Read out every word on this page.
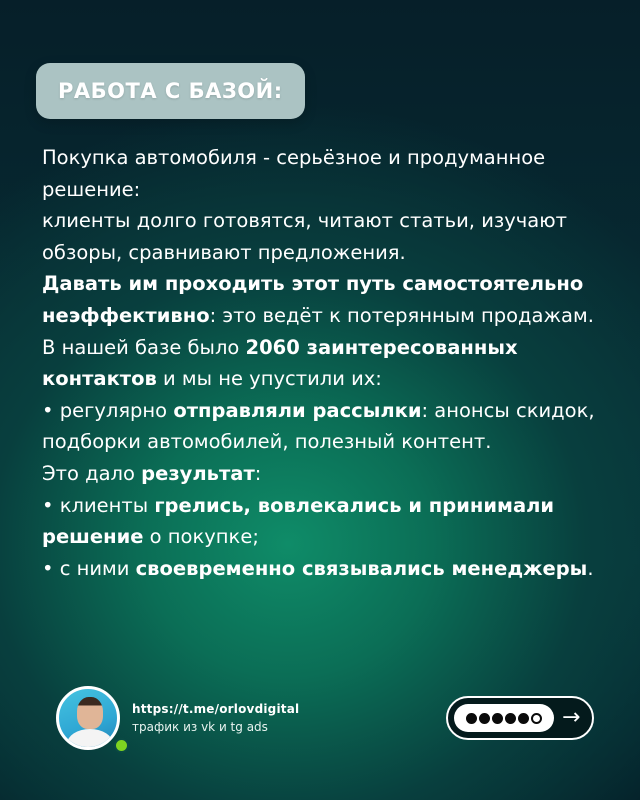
РАБОТА С БАЗОЙ:

Покупка автомобиля - серьёзное и продуманное решение:

клиенты долго готовятся, читают статьи, изучают обзоры, сравнивают предложения.

Давать им проходить этот путь самостоятельно неэффективно: это ведёт к потерянным продажам.

В нашей базе было 2060 заинтересованных контактов и мы не упустили их:

• регулярно отправляли рассылки: анонсы скидок, подборки автомобилей, полезный контент.

Это дало результат:

• клиенты грелись, вовлекались и принимали решение о покупке;

• с ними своевременно связывались менеджеры.

https://t.me/orlovdigital
трафик из vk и tg ads	→
